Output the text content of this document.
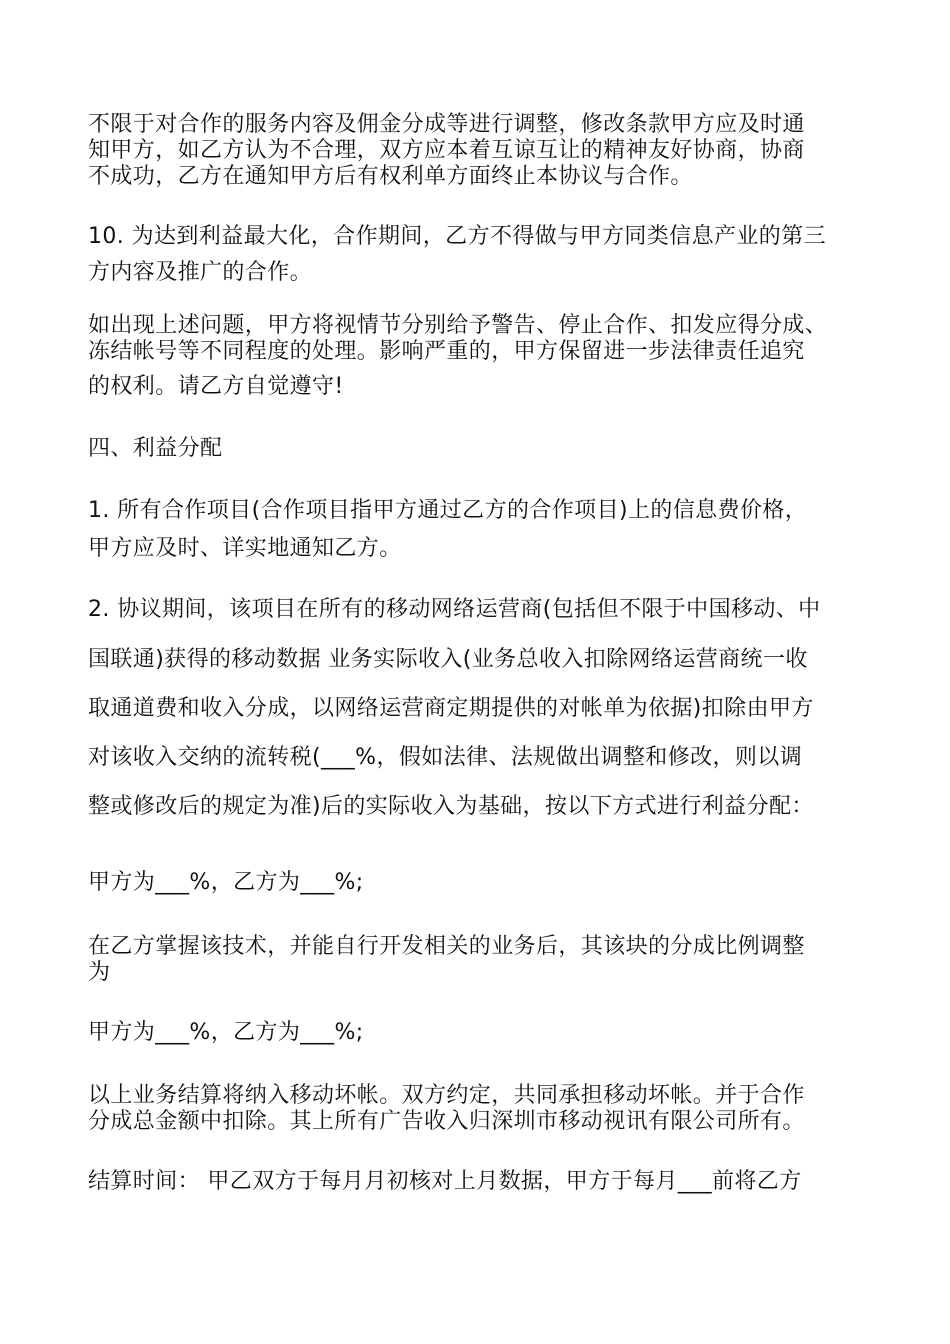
不限于对合作的服务内容及佣金分成等进行调整，修改条款甲方应及时通
知甲方，如乙方认为不合理，双方应本着互谅互让的精神友好协商，协商
不成功，乙方在通知甲方后有权利单方面终止本协议与合作。
10. 为达到利益最大化，合作期间，乙方不得做与甲方同类信息产业的第三
方内容及推广的合作。
如出现上述问题，甲方将视情节分别给予警告、停止合作、扣发应得分成、
冻结帐号等不同程度的处理。影响严重的，甲方保留进一步法律责任追究
的权利。请乙方自觉遵守!
四、利益分配
1. 所有合作项目(合作项目指甲方通过乙方的合作项目)上的信息费价格，
甲方应及时、详实地通知乙方。
2. 协议期间，该项目在所有的移动网络运营商(包括但不限于中国移动、中
国联通)获得的移动数据 业务实际收入(业务总收入扣除网络运营商统一收
取通道费和收入分成，以网络运营商定期提供的对帐单为依据)扣除由甲方
对该收入交纳的流转税(___%，假如法律、法规做出调整和修改，则以调
整或修改后的规定为准)后的实际收入为基础，按以下方式进行利益分配：
甲方为___%，乙方为___%;
在乙方掌握该技术，并能自行开发相关的业务后，其该块的分成比例调整
为
甲方为___%，乙方为___%;
以上业务结算将纳入移动坏帐。双方约定，共同承担移动坏帐。并于合作
分成总金额中扣除。其上所有广告收入归深圳市移动视讯有限公司所有。
结算时间： 甲乙双方于每月月初核对上月数据，甲方于每月___前将乙方
